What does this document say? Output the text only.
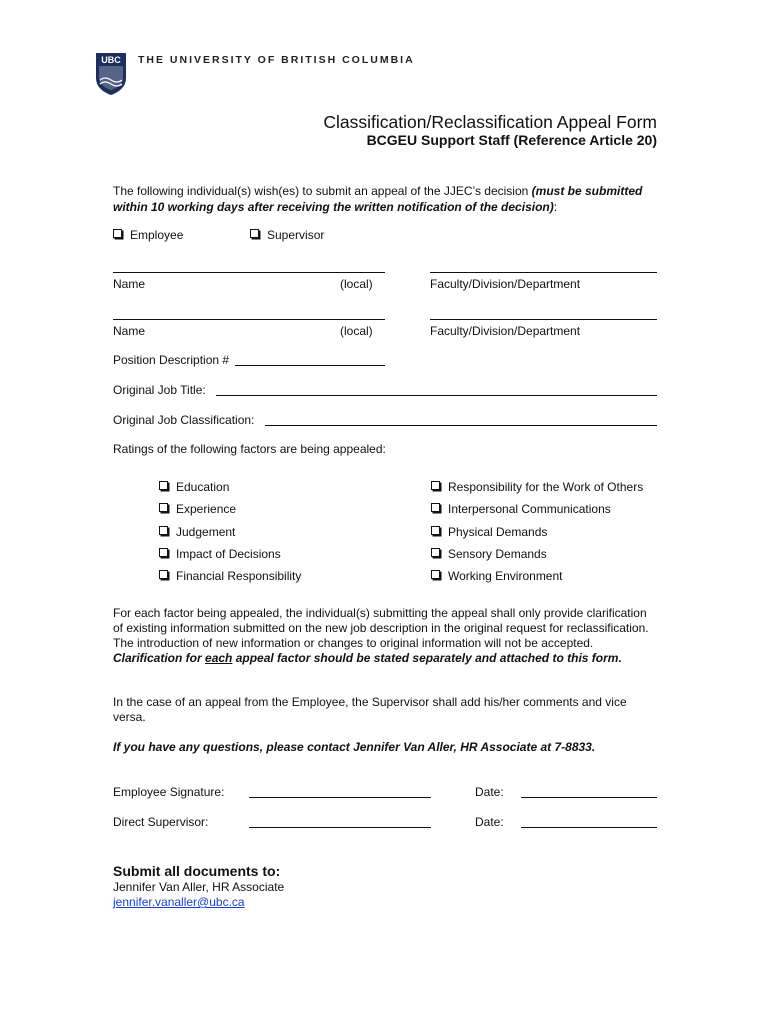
UBC THE UNIVERSITY OF BRITISH COLUMBIA
Classification/Reclassification Appeal Form
BCGEU Support Staff (Reference Article 20)
The following individual(s) wish(es) to submit an appeal of the JJEC’s decision (must be submitted within 10 working days after receiving the written notification of the decision):
Employee	Supervisor
Name	(local)	Faculty/Division/Department
Name	(local)	Faculty/Division/Department
Position Description #
Original Job Title:
Original Job Classification:
Ratings of the following factors are being appealed:
Education
Experience
Judgement
Impact of Decisions
Financial Responsibility
Responsibility for the Work of Others
Interpersonal Communications
Physical Demands
Sensory Demands
Working Environment
For each factor being appealed, the individual(s) submitting the appeal shall only provide clarification of existing information submitted on the new job description in the original request for reclassification. The introduction of new information or changes to original information will not be accepted. Clarification for each appeal factor should be stated separately and attached to this form.
In the case of an appeal from the Employee, the Supervisor shall add his/her comments and vice versa.
If you have any questions, please contact Jennifer Van Aller, HR Associate at 7-8833.
Employee Signature:	Date:
Direct Supervisor:	Date:
Submit all documents to:
Jennifer Van Aller, HR Associate
jennifer.vanaller@ubc.ca
